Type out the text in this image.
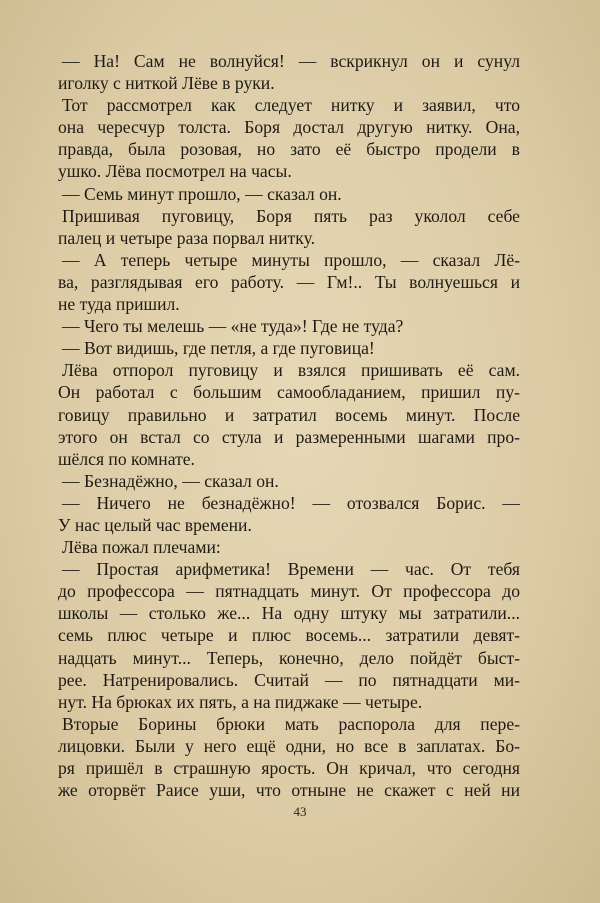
— На! Сам не волнуйся! — вскрикнул он и сунул
иголку с ниткой Лёве в руки.
Тот рассмотрел как следует нитку и заявил, что
она чересчур толста. Боря достал другую нитку. Она,
правда, была розовая, но зато её быстро продели в
ушко. Лёва посмотрел на часы.
— Семь минут прошло, — сказал он.
Пришивая пуговицу, Боря пять раз уколол себе
палец и четыре раза порвал нитку.
— А теперь четыре минуты прошло, — сказал Лё-
ва, разглядывая его работу. — Гм!.. Ты волнуешься и
не туда пришил.
— Чего ты мелешь — «не туда»! Где не туда?
— Вот видишь, где петля, а где пуговица!
Лёва отпорол пуговицу и взялся пришивать её сам.
Он работал с большим самообладанием, пришил пу-
говицу правильно и затратил восемь минут. После
этого он встал со стула и размеренными шагами про-
шёлся по комнате.
— Безнадёжно, — сказал он.
— Ничего не безнадёжно! — отозвался Борис. —
У нас целый час времени.
Лёва пожал плечами:
— Простая арифметика! Времени — час. От тебя
до профессора — пятнадцать минут. От профессора до
школы — столько же... На одну штуку мы затратили...
семь плюс четыре и плюс восемь... затратили девят-
надцать минут... Теперь, конечно, дело пойдёт быст-
рее. Натренировались. Считай — по пятнадцати ми-
нут. На брюках их пять, а на пиджаке — четыре.
Вторые Борины брюки мать распорола для пере-
лицовки. Были у него ещё одни, но все в заплатах. Бо-
ря пришёл в страшную ярость. Он кричал, что сегодня
же оторвёт Раисе уши, что отныне не скажет с ней ни
43
